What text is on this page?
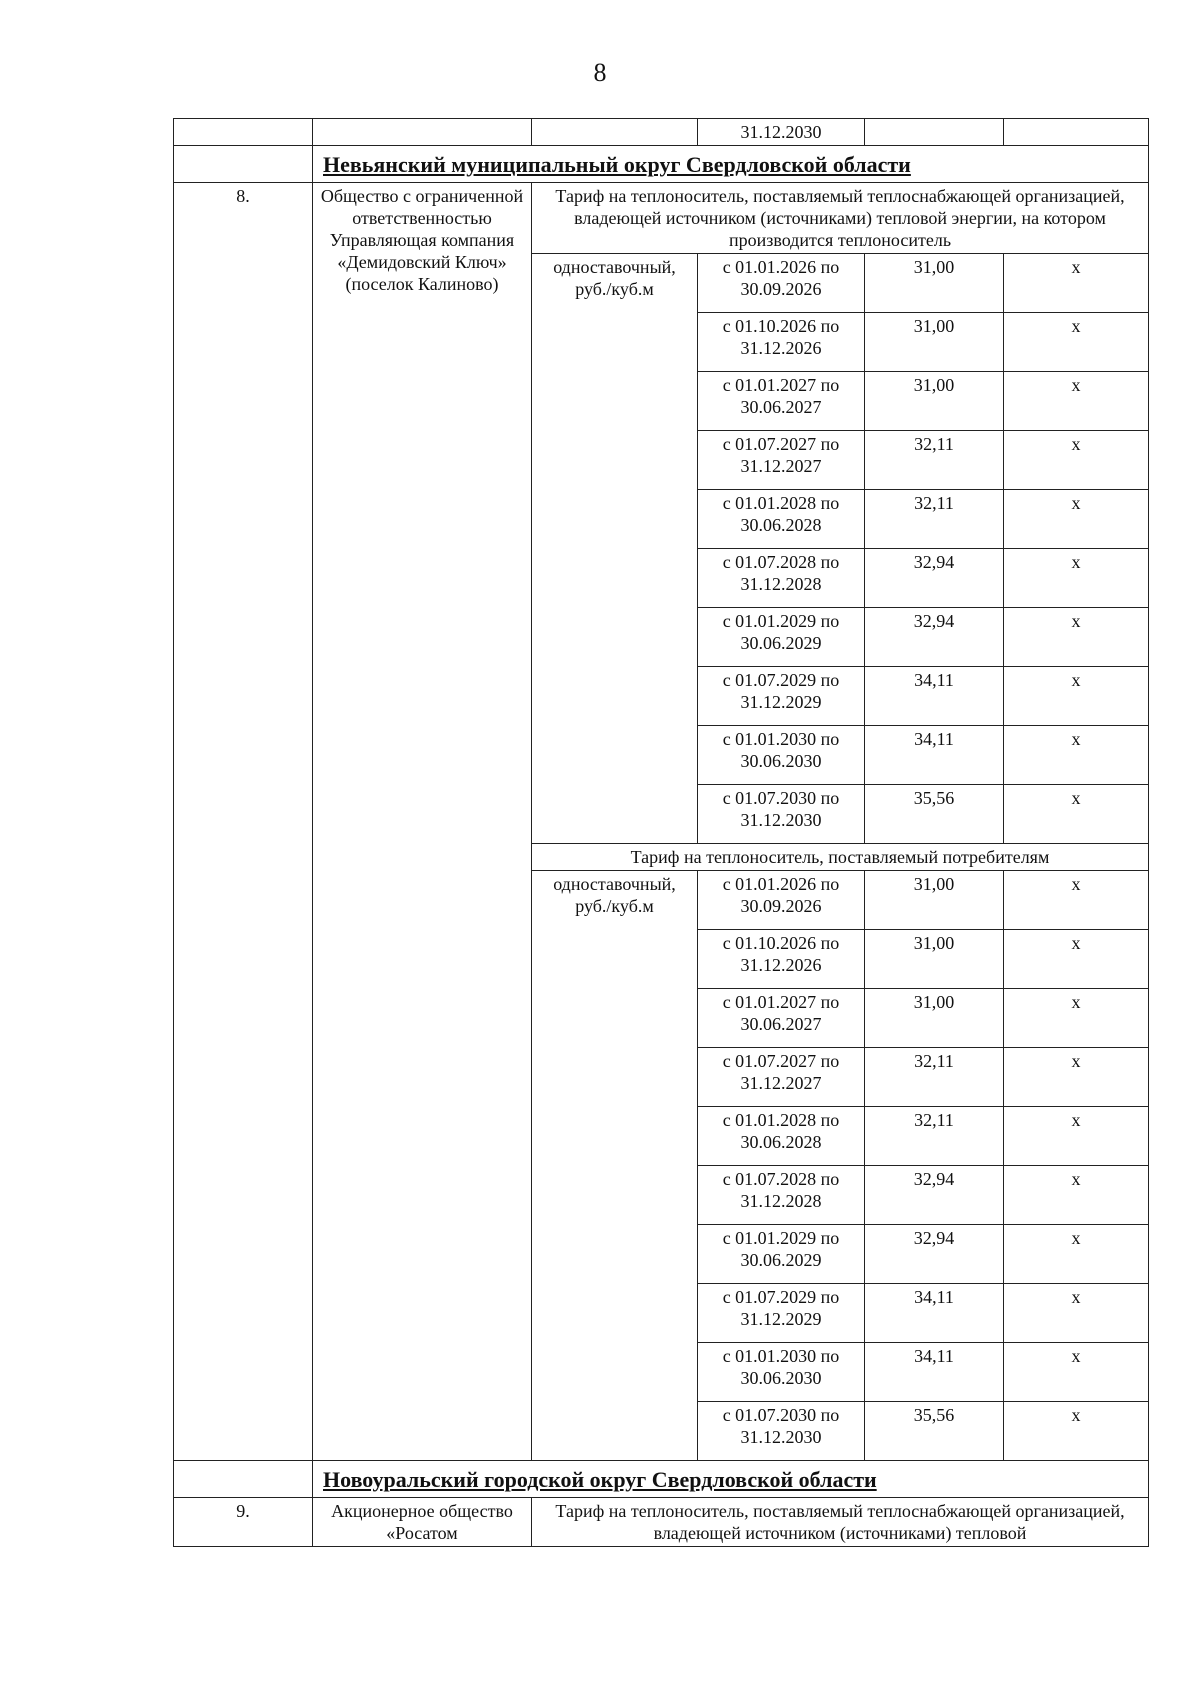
8
			31.12.2030		
	Невьянский муниципальный округ Свердловской области				
8.	Общество с ограниченной ответственностью Управляющая компания «Демидовский Ключ» (поселок Калиново)	Тариф на теплоноситель, поставляемый теплоснабжающей организацией, владеющей источником (источниками) тепловой энергии, на котором производится теплоноситель			
		одноставочный, руб./куб.м	с 01.01.2026 по 30.09.2026	31,00	х
			с 01.10.2026 по 31.12.2026	31,00	х
			с 01.01.2027 по 30.06.2027	31,00	х
			с 01.07.2027 по 31.12.2027	32,11	х
			с 01.01.2028 по 30.06.2028	32,11	х
			с 01.07.2028 по 31.12.2028	32,94	х
			с 01.01.2029 по 30.06.2029	32,94	х
			с 01.07.2029 по 31.12.2029	34,11	х
			с 01.01.2030 по 30.06.2030	34,11	х
			с 01.07.2030 по 31.12.2030	35,56	х
		Тариф на теплоноситель, поставляемый потребителям			
		одноставочный, руб./куб.м	с 01.01.2026 по 30.09.2026	31,00	х
			с 01.10.2026 по 31.12.2026	31,00	х
			с 01.01.2027 по 30.06.2027	31,00	х
			с 01.07.2027 по 31.12.2027	32,11	х
			с 01.01.2028 по 30.06.2028	32,11	х
			с 01.07.2028 по 31.12.2028	32,94	х
			с 01.01.2029 по 30.06.2029	32,94	х
			с 01.07.2029 по 31.12.2029	34,11	х
			с 01.01.2030 по 30.06.2030	34,11	х
			с 01.07.2030 по 31.12.2030	35,56	х
	Новоуральский городской округ Свердловской области				
9.	Акционерное общество «Росатом	Тариф на теплоноситель, поставляемый теплоснабжающей организацией, владеющей источником (источниками) тепловой			
